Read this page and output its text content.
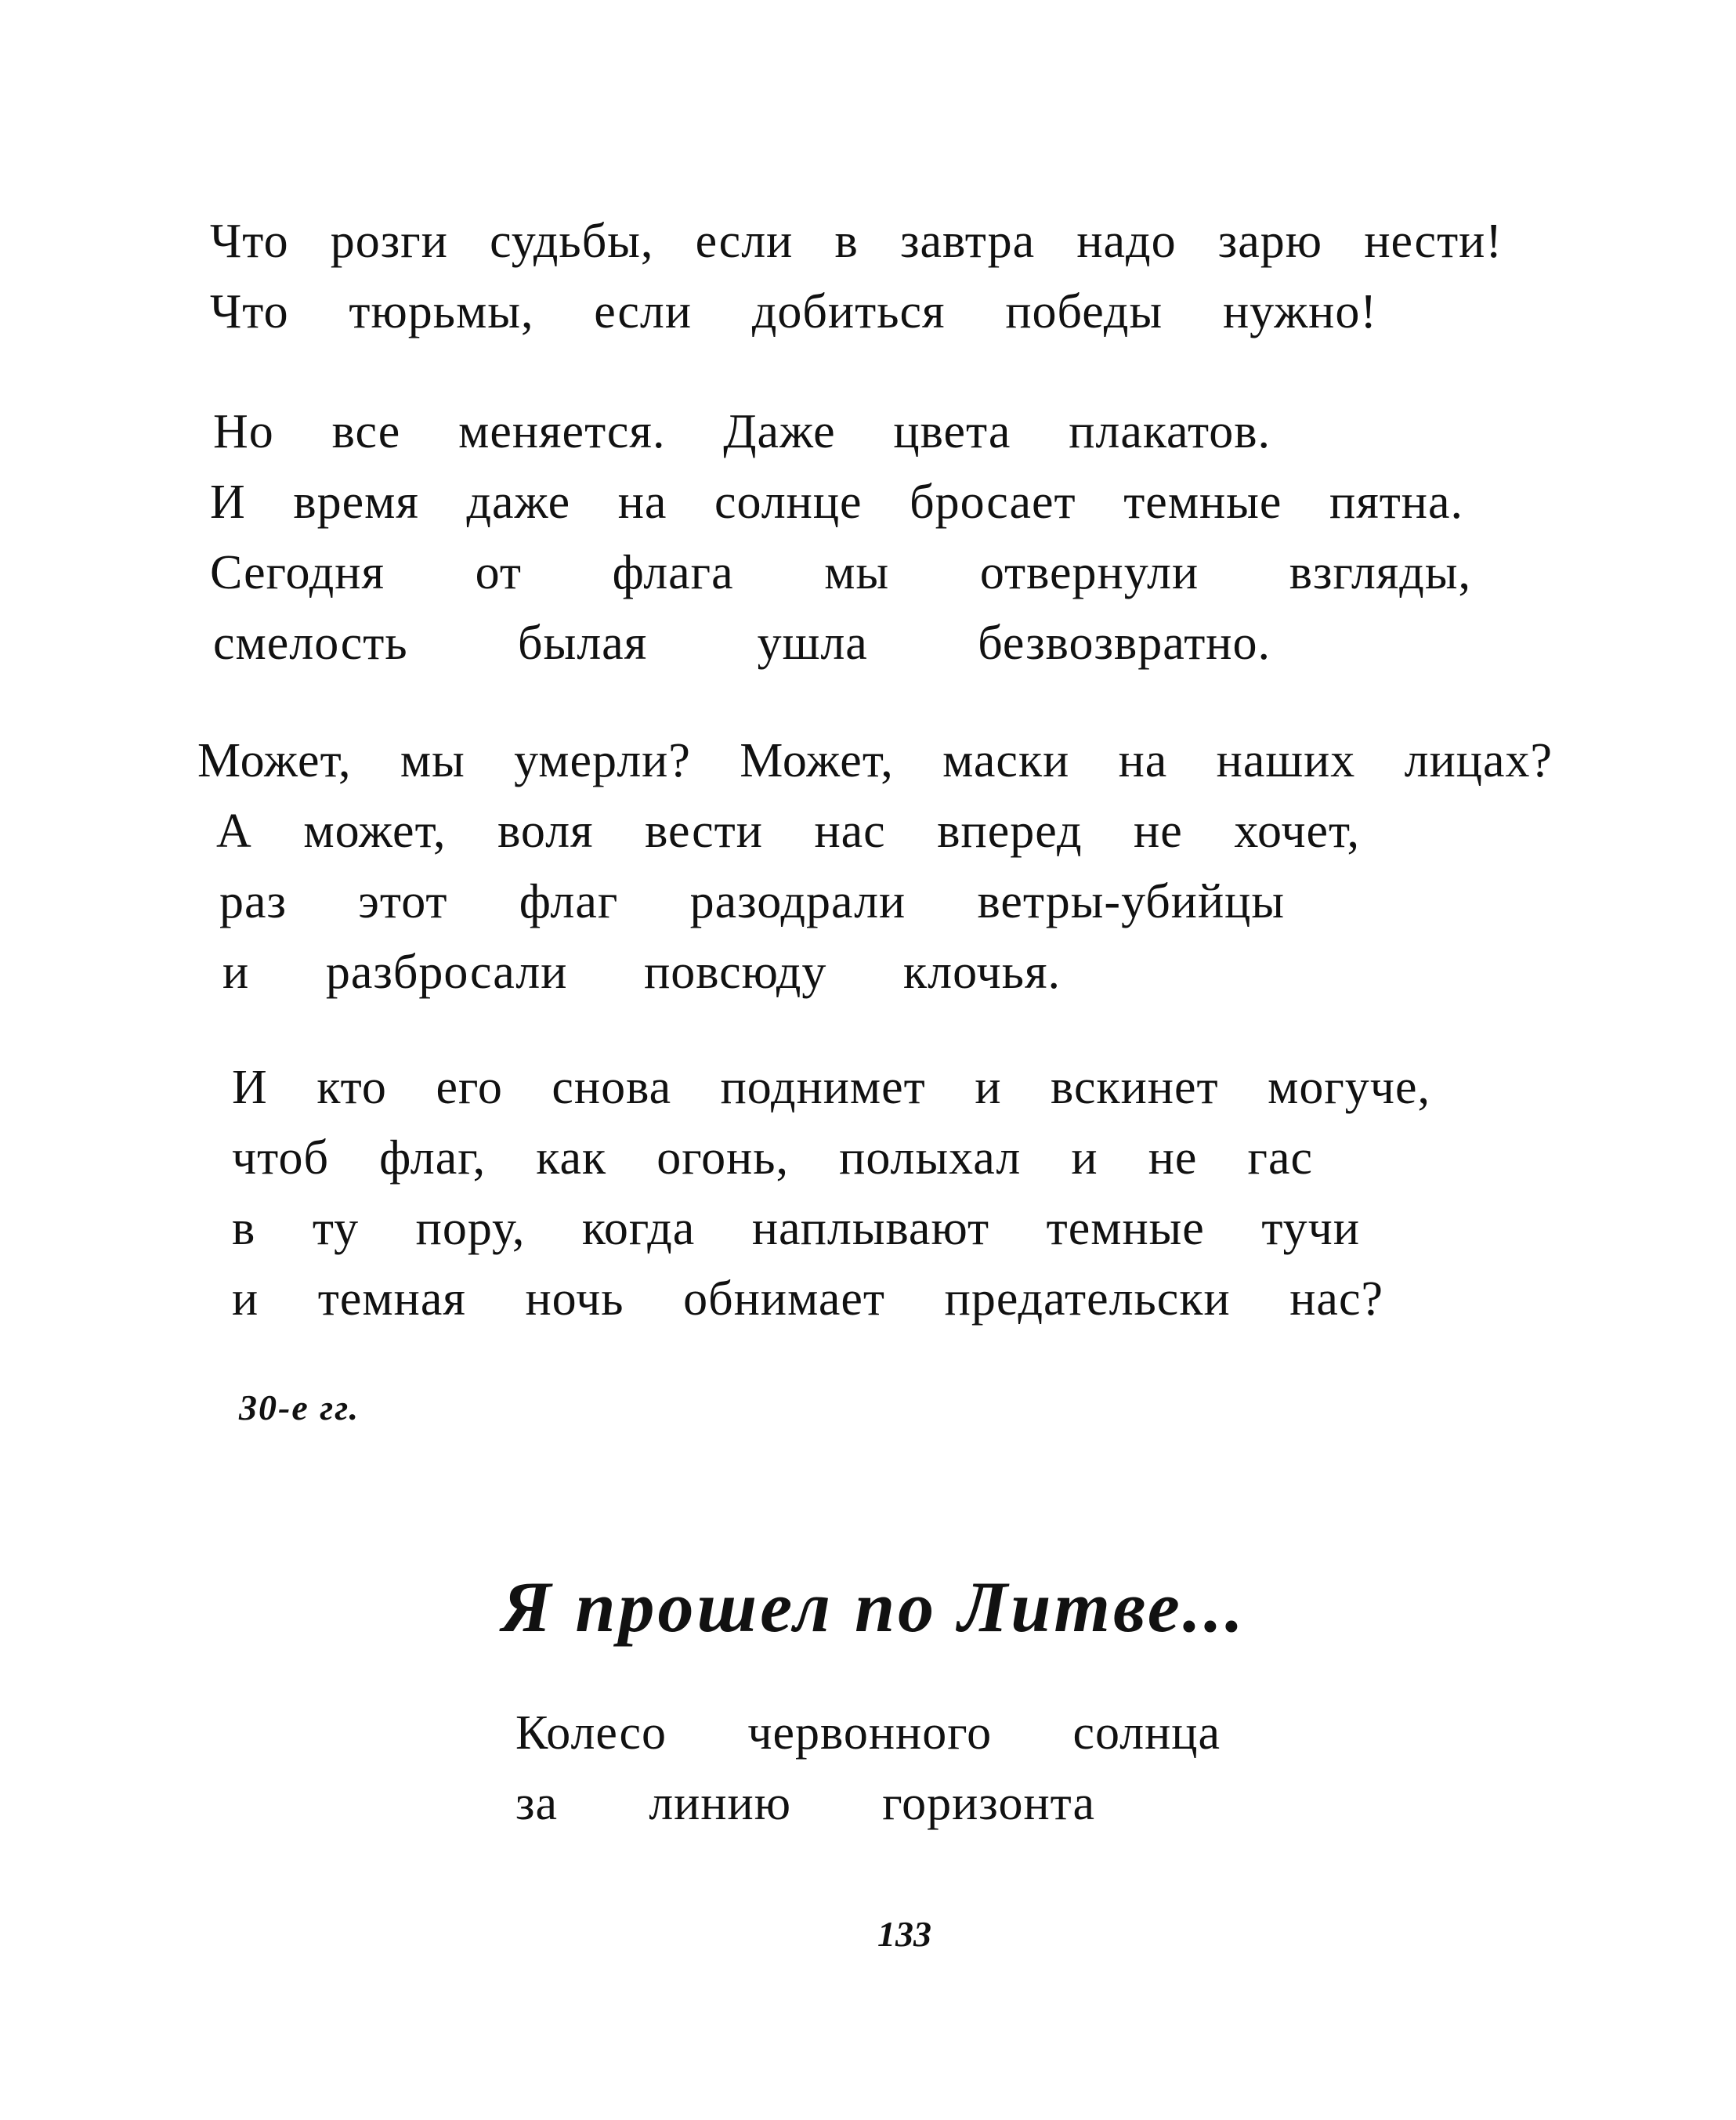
Что розги судьбы, если в завтра надо зарю нести!
Что тюрьмы, если добиться победы нужно!
Но все меняется. Даже цвета плакатов.
И время даже на солнце бросает темные пятна.
Сегодня от флага мы отвернули взгляды,
смелость былая ушла безвозвратно.
Может, мы умерли? Может, маски на наших лицах?
А может, воля вести нас вперед не хочет,
раз этот флаг разодрали ветры-убийцы
и разбросали повсюду клочья.
И кто его снова поднимет и вскинет могуче,
чтоб флаг, как огонь, полыхал и не гас
в ту пору, когда наплывают темные тучи
и темная ночь обнимает предательски нас?
30-е гг.
Я прошел по Литве...
Колесо червонного солнца
за линию горизонта
133
